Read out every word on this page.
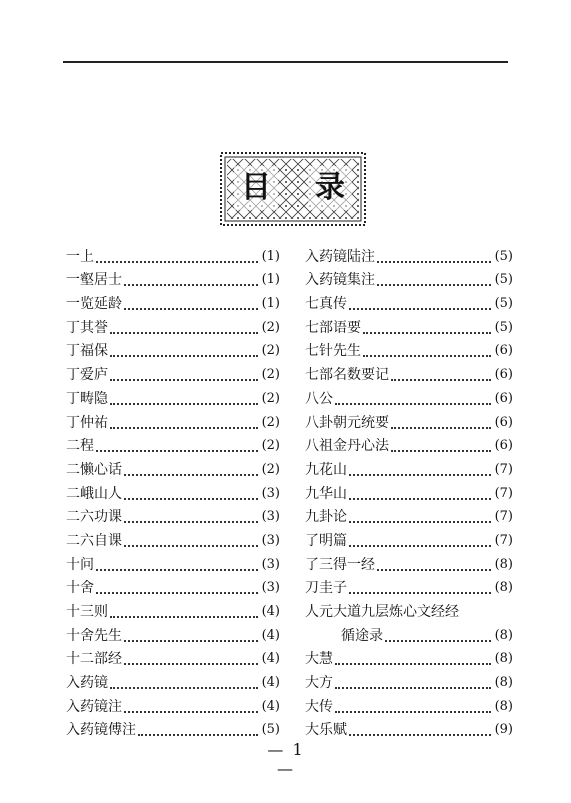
目 录
一上	(1)
一壑居士	(1)
一览延龄	(1)
丁其誉	(2)
丁福保	(2)
丁爱庐	(2)
丁畴隐	(2)
丁仲祐	(2)
二程	(2)
二懒心话	(2)
二峨山人	(3)
二六功课	(3)
二六自课	(3)
十问	(3)
十舍	(3)
十三则	(4)
十舍先生	(4)
十二部经	(4)
入药镜	(4)
入药镜注	(4)
入药镜傅注	(5)
入药镜陆注	(5)
入药镜集注	(5)
七真传	(5)
七部语要	(5)
七针先生	(6)
七部名数要记	(6)
八公	(6)
八卦朝元统要	(6)
八祖金丹心法	(6)
九花山	(7)
九华山	(7)
九卦论	(7)
了明篇	(7)
了三得一经	(8)
刀圭子	(8)
人元大道九层炼心文经经
循途录	(8)
大慧	(8)
大方	(8)
大传	(8)
大乐赋	(9)
— 1 —
